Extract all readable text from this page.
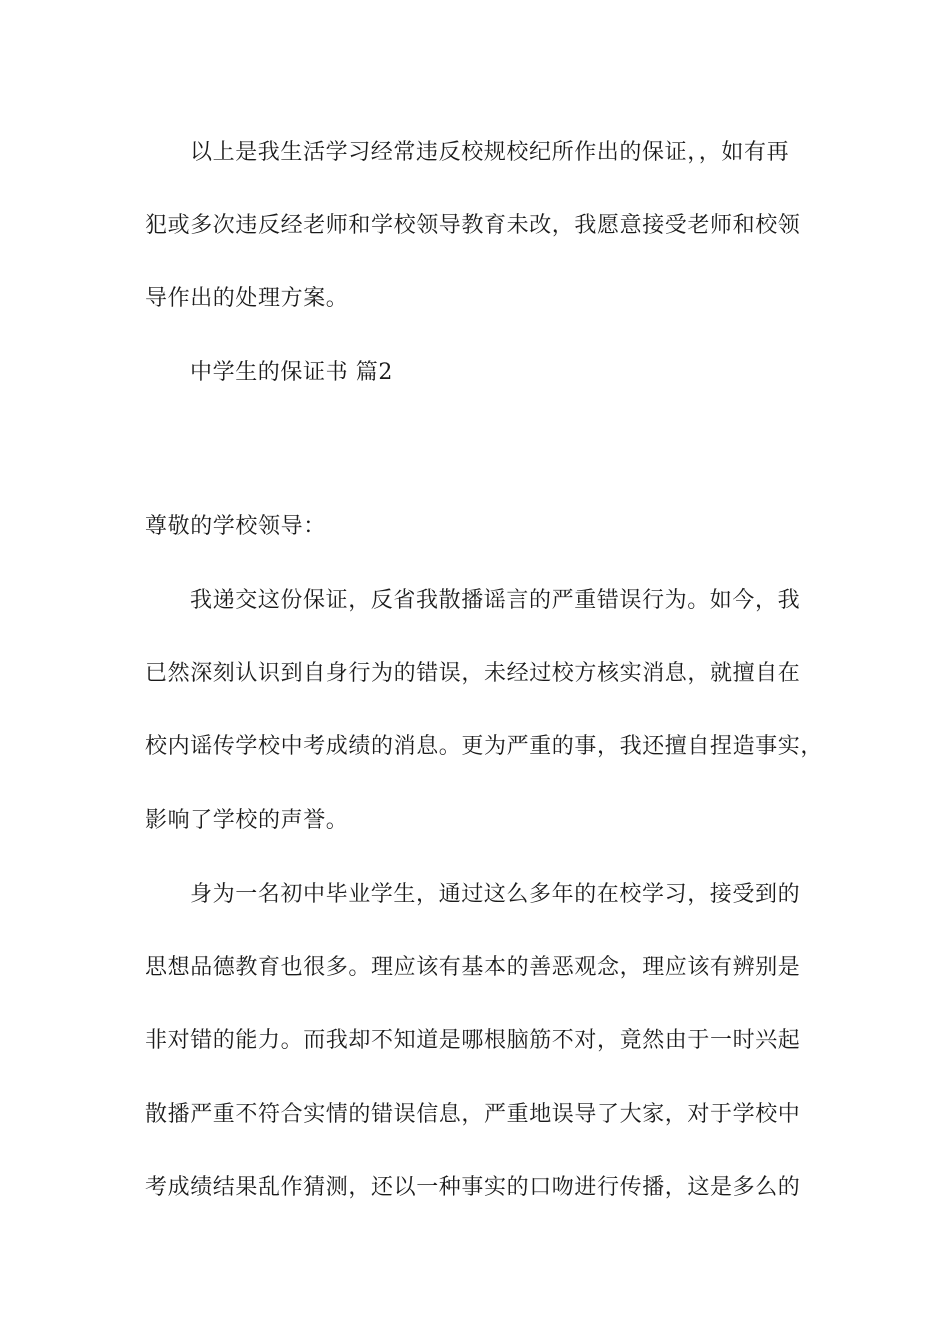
以上是我生活学习经常违反校规校纪所作出的保证，，如有再
犯或多次违反经老师和学校领导教育未改，我愿意接受老师和校领
导作出的处理方案。
中学生的保证书 篇2
尊敬的学校领导：
我递交这份保证，反省我散播谣言的严重错误行为。如今，我
已然深刻认识到自身行为的错误，未经过校方核实消息，就擅自在
校内谣传学校中考成绩的消息。更为严重的事，我还擅自捏造事实，
影响了学校的声誉。
身为一名初中毕业学生，通过这么多年的在校学习，接受到的
思想品德教育也很多。理应该有基本的善恶观念，理应该有辨别是
非对错的能力。而我却不知道是哪根脑筋不对，竟然由于一时兴起
散播严重不符合实情的错误信息，严重地误导了大家，对于学校中
考成绩结果乱作猜测，还以一种事实的口吻进行传播，这是多么的
